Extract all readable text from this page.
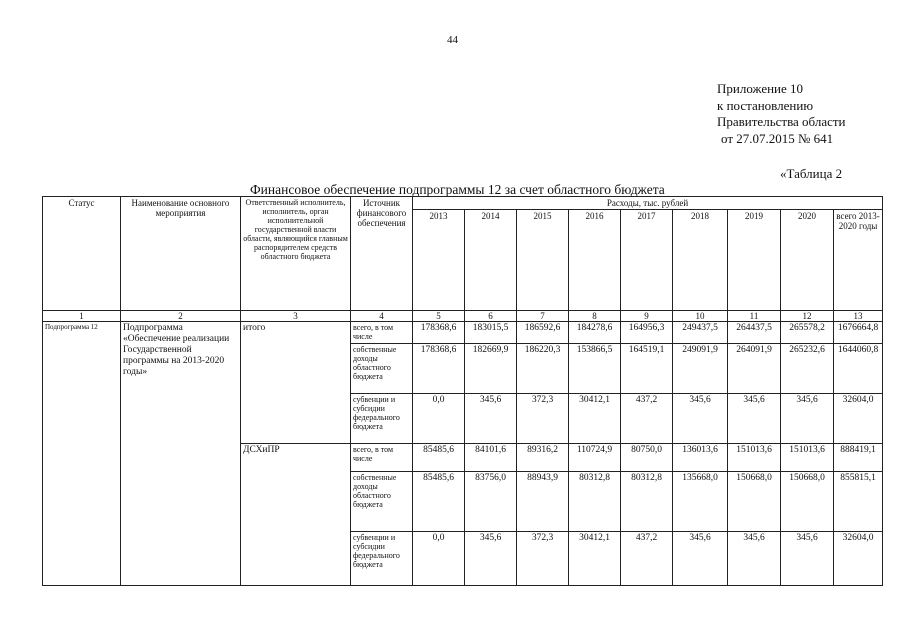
44
Приложение 10
к постановлению
Правительства области
от 27.07.2015 № 641
«Таблица 2
Финансовое обеспечение подпрограммы 12 за счет областного бюджета
Статус	Наименование основного мероприятия	Ответственный исполнитель, исполнитель, орган исполнительной государственной власти области, являющийся главным распорядителем средств областного бюджета	Источник финансового обеспечения	Расходы, тыс. рублей								
				2013	2014	2015	2016	2017	2018	2019	2020	всего 2013-2020 годы
1	2	3	4	5	6	7	8	9	10	11	12	13
Подпрограмма 12	Подпрограмма «Обеспечение реализации Государственной программы на 2013-2020 годы»	итого	всего, в том числе	178368,6	183015,5	186592,6	184278,6	164956,3	249437,5	264437,5	265578,2	1676664,8
			собственные доходы областного бюджета	178368,6	182669,9	186220,3	153866,5	164519,1	249091,9	264091,9	265232,6	1644060,8
			субвенции и субсидии федерального бюджета	0,0	345,6	372,3	30412,1	437,2	345,6	345,6	345,6	32604,0
		ДСХиПР	всего, в том числе	85485,6	84101,6	89316,2	110724,9	80750,0	136013,6	151013,6	151013,6	888419,1
			собственные доходы областного бюджета	85485,6	83756,0	88943,9	80312,8	80312,8	135668,0	150668,0	150668,0	855815,1
			субвенции и субсидии федерального бюджета	0,0	345,6	372,3	30412,1	437,2	345,6	345,6	345,6	32604,0
